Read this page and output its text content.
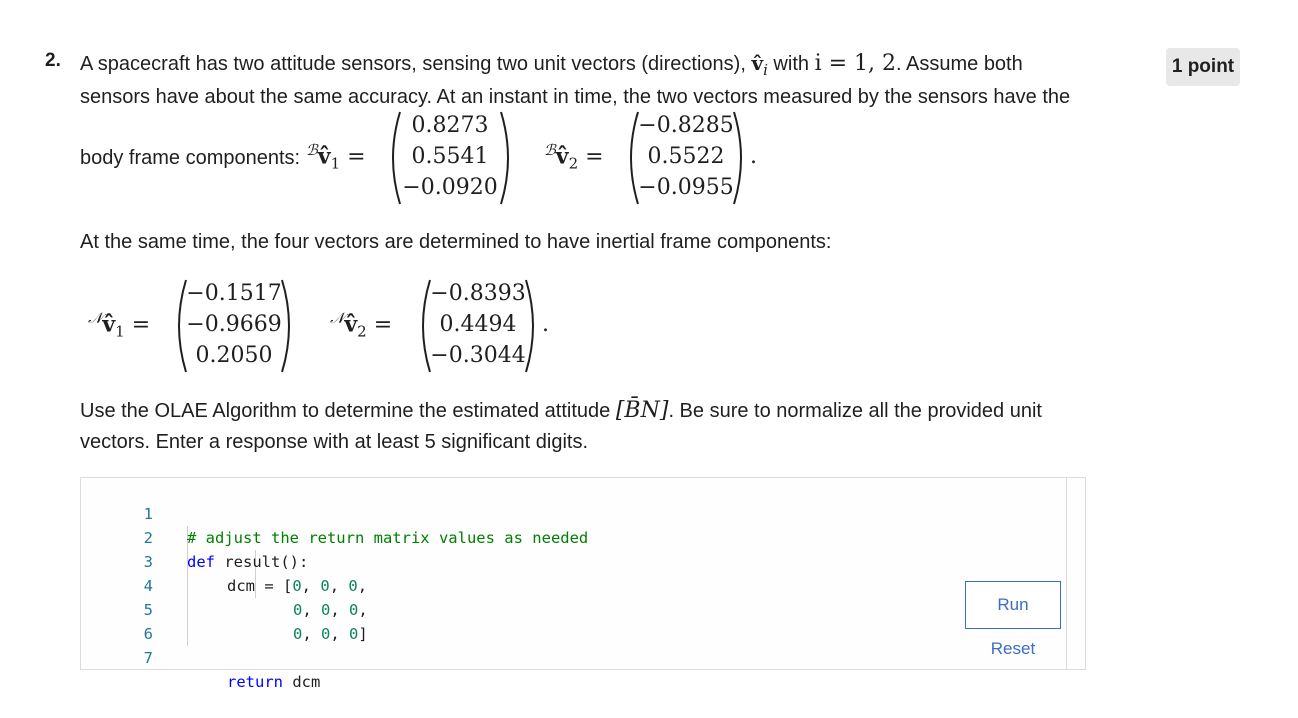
2.	1 point
A spacecraft has two attitude sensors, sensing two unit vectors (directions), $v̂_i$ with i = 1, 2. Assume both
sensors have about the same accuracy. At an instant in time, the two vectors measured by the sensors have the
body frame components: $^ℬv̂_1$ =
0.8273
0.5541
−0.0920
$^ℬv̂_2$ =
−0.8285
0.5522
−0.0955
.
At the same time, the four vectors are determined to have inertial frame components:
$^𝒩v̂_1$ =
−0.1517
−0.9669
0.2050
$^𝒩v̂_2$ =
−0.8393
0.4494
−0.3044
.
Use the OLAE Algorithm to determine the estimated attitude [B̄N]. Be sure to normalize all the provided unit
vectors. Enter a response with at least 5 significant digits.

1

# adjust the return matrix values as needed

2

def result():

3

dcm = [0, 0, 0,

4

0, 0, 0,

5

0, 0, 0]

6

7

return dcm

Run
Reset
